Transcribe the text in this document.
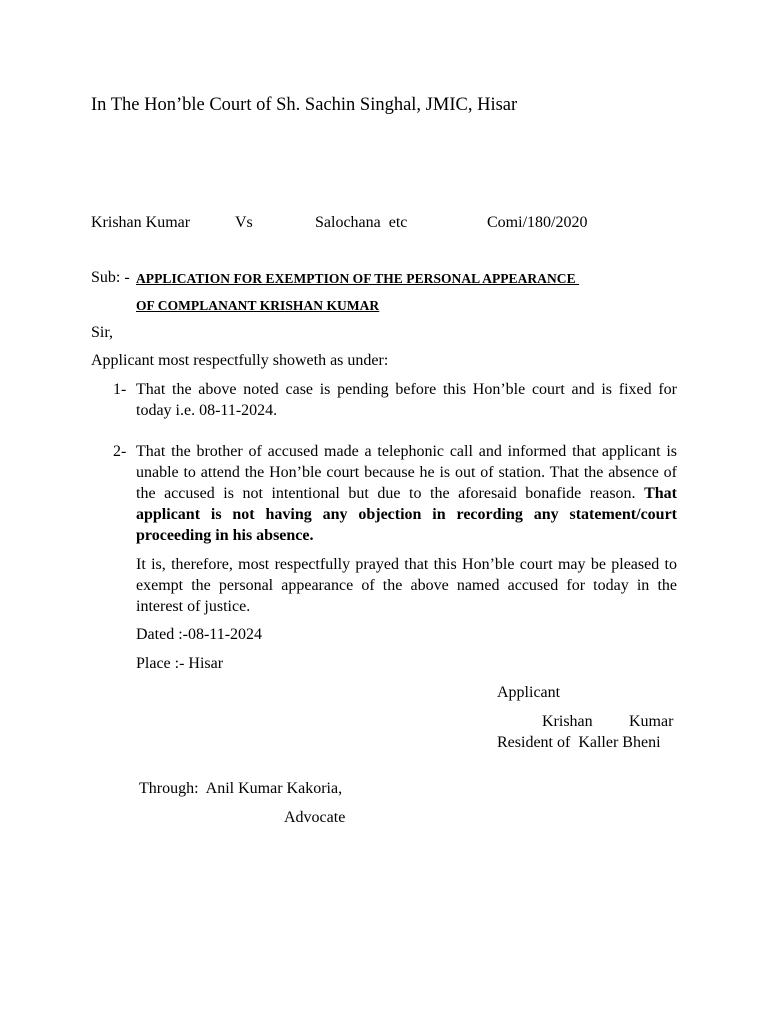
In The Hon’ble Court of Sh. Sachin Singhal, JMIC, Hisar
Krishan Kumar	Vs	Salochana  etc	Comi/180/2020
Sub: - APPLICATION FOR EXEMPTION OF THE PERSONAL APPEARANCE
OF COMPLANANT KRISHAN KUMAR
Sir,
Applicant most respectfully showeth as under:
1- That the above noted case is pending before this Hon’ble court and is fixed for today i.e. 08-11-2024.
2- That the brother of accused made a telephonic call and informed that applicant is unable to attend the Hon’ble court because he is out of station. That the absence of the accused is not intentional but due to the aforesaid bonafide reason. That applicant is not having any objection in recording any statement/court proceeding in his absence.
It is, therefore, most respectfully prayed that this Hon’ble court may be pleased to exempt the personal appearance of the above named accused for today in the interest of justice.
Dated :-08-11-2024
Place :- Hisar
Applicant
Krishan Kumar
Resident of  Kaller Bheni
Through:  Anil Kumar Kakoria,
Advocate
